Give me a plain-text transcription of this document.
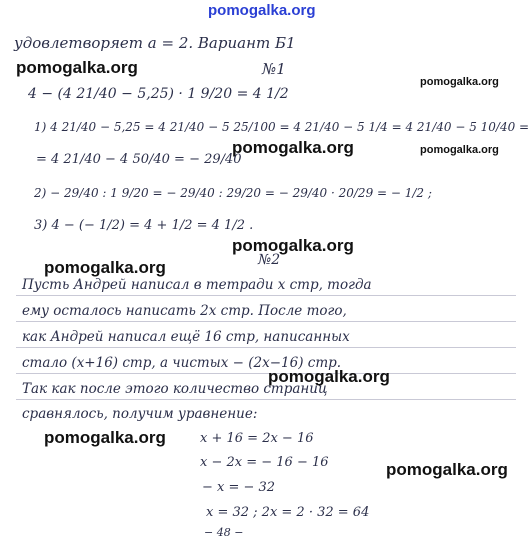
pomogalka.org
удовлетворяет a = 2. Вариант Б1
pomogalka.org	№1
pomogalka.org
4 − (4 21/40 − 5,25) · 1 9/20 = 4 1/2
1) 4 21/40 − 5,25 = 4 21/40 − 5 25/100 = 4 21/40 − 5 1/4 = 4 21/40 − 5 10/40 =
pomogalka.org	pomogalka.org
= 4 21/40 − 4 50/40 = − 29/40
2) − 29/40 : 1 9/20 = − 29/40 : 29/20 = − 29/40 · 20/29 = − 1/2 ;
3) 4 − (− 1/2) = 4 + 1/2 = 4 1/2 .
pomogalka.org
№2
pomogalka.org
Пусть Андрей написал в тетради x стр, тогда
ему осталось написать 2x стр. После того,
как Андрей написал ещё 16 стр, написанных
стало (x+16) стр, а чистых − (2x−16) стр.
pomogalka.org
Так как после этого количество страниц
сравнялось, получим уравнение:
pomogalka.org	x + 16 = 2x − 16
x − 2x = − 16 − 16	pomogalka.org
− x = − 32
x = 32 ; 2x = 2 · 32 = 64
− 48 −
